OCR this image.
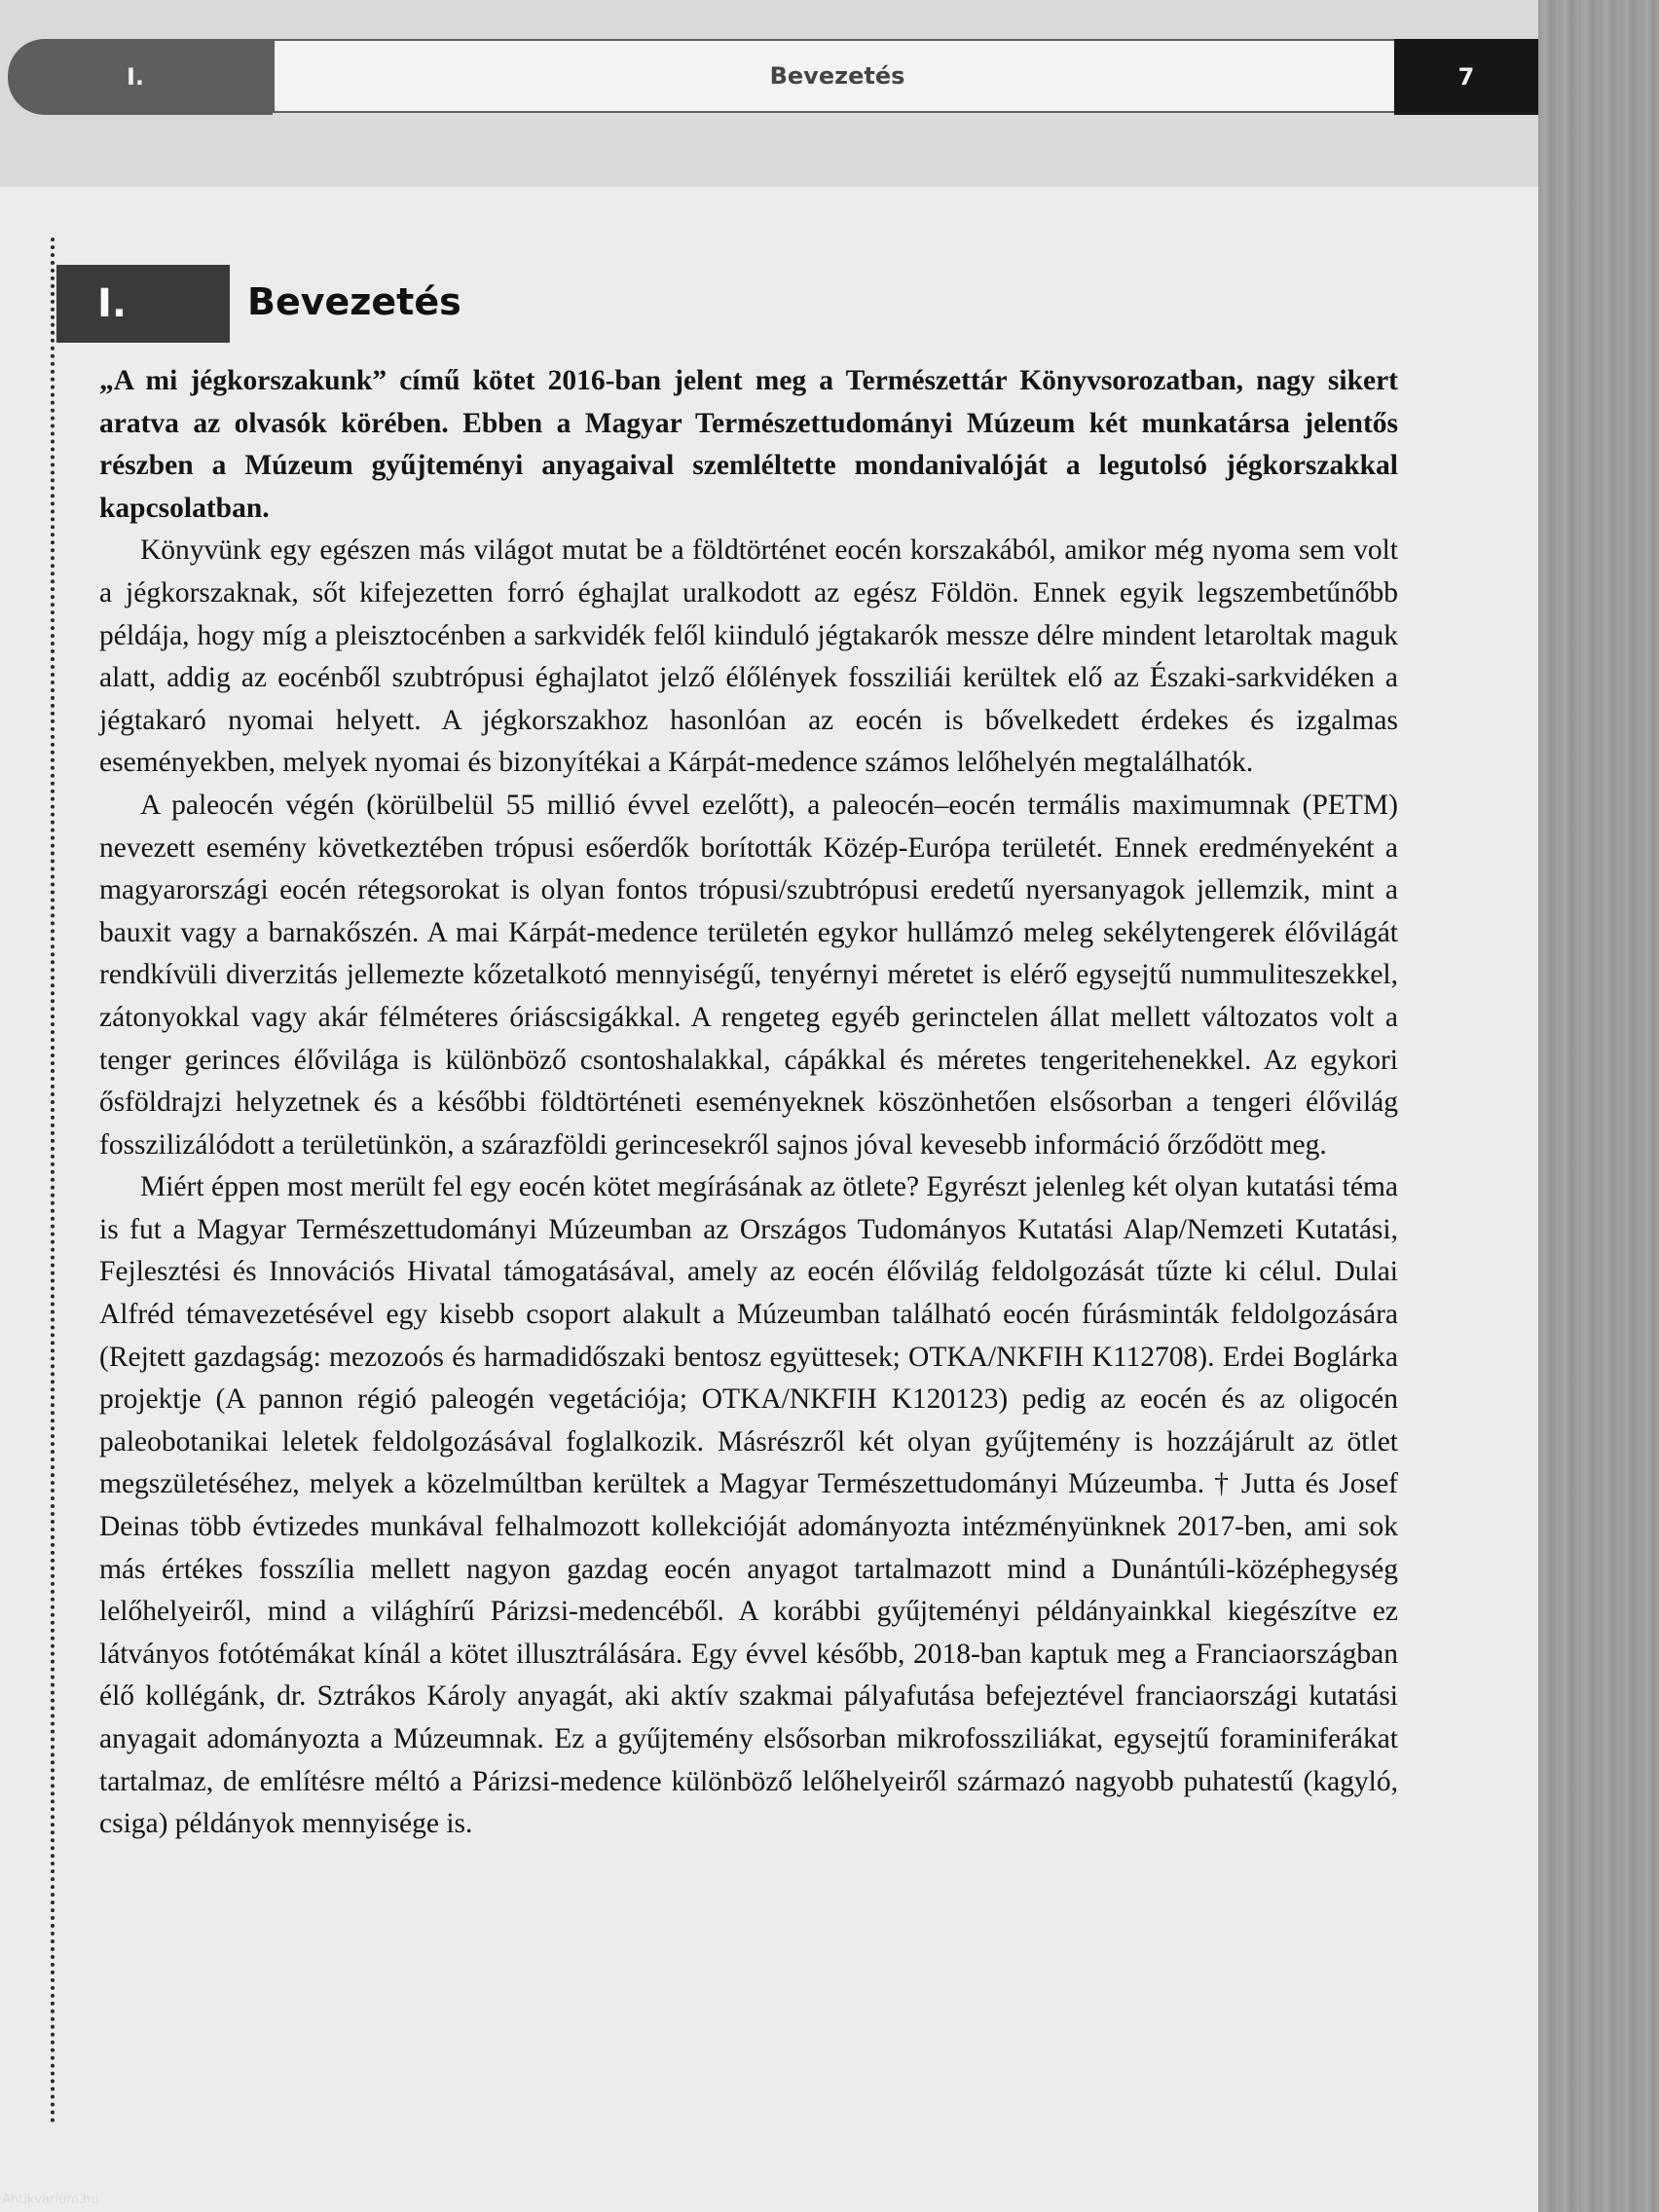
I.	Bevezetés	7
I.	Bevezetés

„A mi jégkorszakunk” című kötet 2016-ban jelent meg a Természettár Könyvsorozatban, nagy sikert aratva az olvasók körében. Ebben a Magyar Természettudományi Múzeum két munkatársa jelentős részben a Múzeum gyűjteményi anyagaival szemléltette mondanivalóját a legutolsó jégkorszakkal kapcsolatban.

Könyvünk egy egészen más világot mutat be a földtörténet eocén korszakából, amikor még nyoma sem volt a jégkorszaknak, sőt kifejezetten forró éghajlat uralkodott az egész Földön. Ennek egyik legszembetűnőbb példája, hogy míg a pleisztocénben a sarkvidék felől kiinduló jégtakarók messze délre mindent letaroltak maguk alatt, addig az eocénből szubtrópusi éghajlatot jelző élőlények fossziliái kerültek elő az Északi-sarkvidéken a jégtakaró nyomai helyett. A jégkorszakhoz hasonlóan az eocén is bővelkedett érdekes és izgalmas eseményekben, melyek nyomai és bizonyítékai a Kárpát-medence számos lelőhelyén megtalálhatók.

A paleocén végén (körülbelül 55 millió évvel ezelőtt), a paleocén–eocén termális maximumnak (PETM) nevezett esemény következtében trópusi esőerdők borították Közép-Európa területét. Ennek eredményeként a magyarországi eocén rétegsorokat is olyan fontos trópusi/szubtrópusi eredetű nyersanyagok jellemzik, mint a bauxit vagy a barnakőszén. A mai Kárpát-medence területén egykor hullámzó meleg sekélytengerek élővilágát rendkívüli diverzitás jellemezte kőzetalkotó mennyiségű, tenyérnyi méretet is elérő egysejtű nummuliteszekkel, zátonyokkal vagy akár félméteres óriáscsigákkal. A rengeteg egyéb gerinctelen állat mellett változatos volt a tenger gerinces élővilága is különböző csontoshalakkal, cápákkal és méretes tengeritehenekkel. Az egykori ősföldrajzi helyzetnek és a későbbi földtörténeti eseményeknek köszönhetően elsősorban a tengeri élővilág fosszilizálódott a területünkön, a szárazföldi gerincesekről sajnos jóval kevesebb információ őrződött meg.

Miért éppen most merült fel egy eocén kötet megírásának az ötlete? Egyrészt jelenleg két olyan kutatási téma is fut a Magyar Természettudományi Múzeumban az Országos Tudományos Kutatási Alap/Nemzeti Kutatási, Fejlesztési és Innovációs Hivatal támogatásával, amely az eocén élővilág feldolgozását tűzte ki célul. Dulai Alfréd témavezetésével egy kisebb csoport alakult a Múzeumban található eocén fúrásminták feldolgozására (Rejtett gazdagság: mezozoós és harmadidőszaki bentosz együttesek; OTKA/NKFIH K112708). Erdei Boglárka projektje (A pannon régió paleogén vegetációja; OTKA/NKFIH K120123) pedig az eocén és az oligocén paleobotanikai leletek feldolgozásával foglalkozik. Másrészről két olyan gyűjtemény is hozzájárult az ötlet megszületéséhez, melyek a közelmúltban kerültek a Magyar Természettudományi Múzeumba. † Jutta és Josef Deinas több évtizedes munkával felhalmozott kollekcióját adományozta intézményünknek 2017-ben, ami sok más értékes fosszília mellett nagyon gazdag eocén anyagot tartalmazott mind a Dunántúli-középhegység lelőhelyeiről, mind a világhírű Párizsi-medencéből. A korábbi gyűjteményi példányainkkal kiegészítve ez látványos fotótémákat kínál a kötet illusztrálására. Egy évvel később, 2018-ban kaptuk meg a Franciaországban élő kollégánk, dr. Sztrákos Károly anyagát, aki aktív szakmai pályafutása befejeztével franciaországi kutatási anyagait adományozta a Múzeumnak. Ez a gyűjtemény elsősorban mikrofossziliákat, egysejtű foraminiferákat tartalmaz, de említésre méltó a Párizsi-medence különböző lelőhelyeiről származó nagyobb puhatestű (kagyló, csiga) példányok mennyisége is.

Antikvarium.hu
